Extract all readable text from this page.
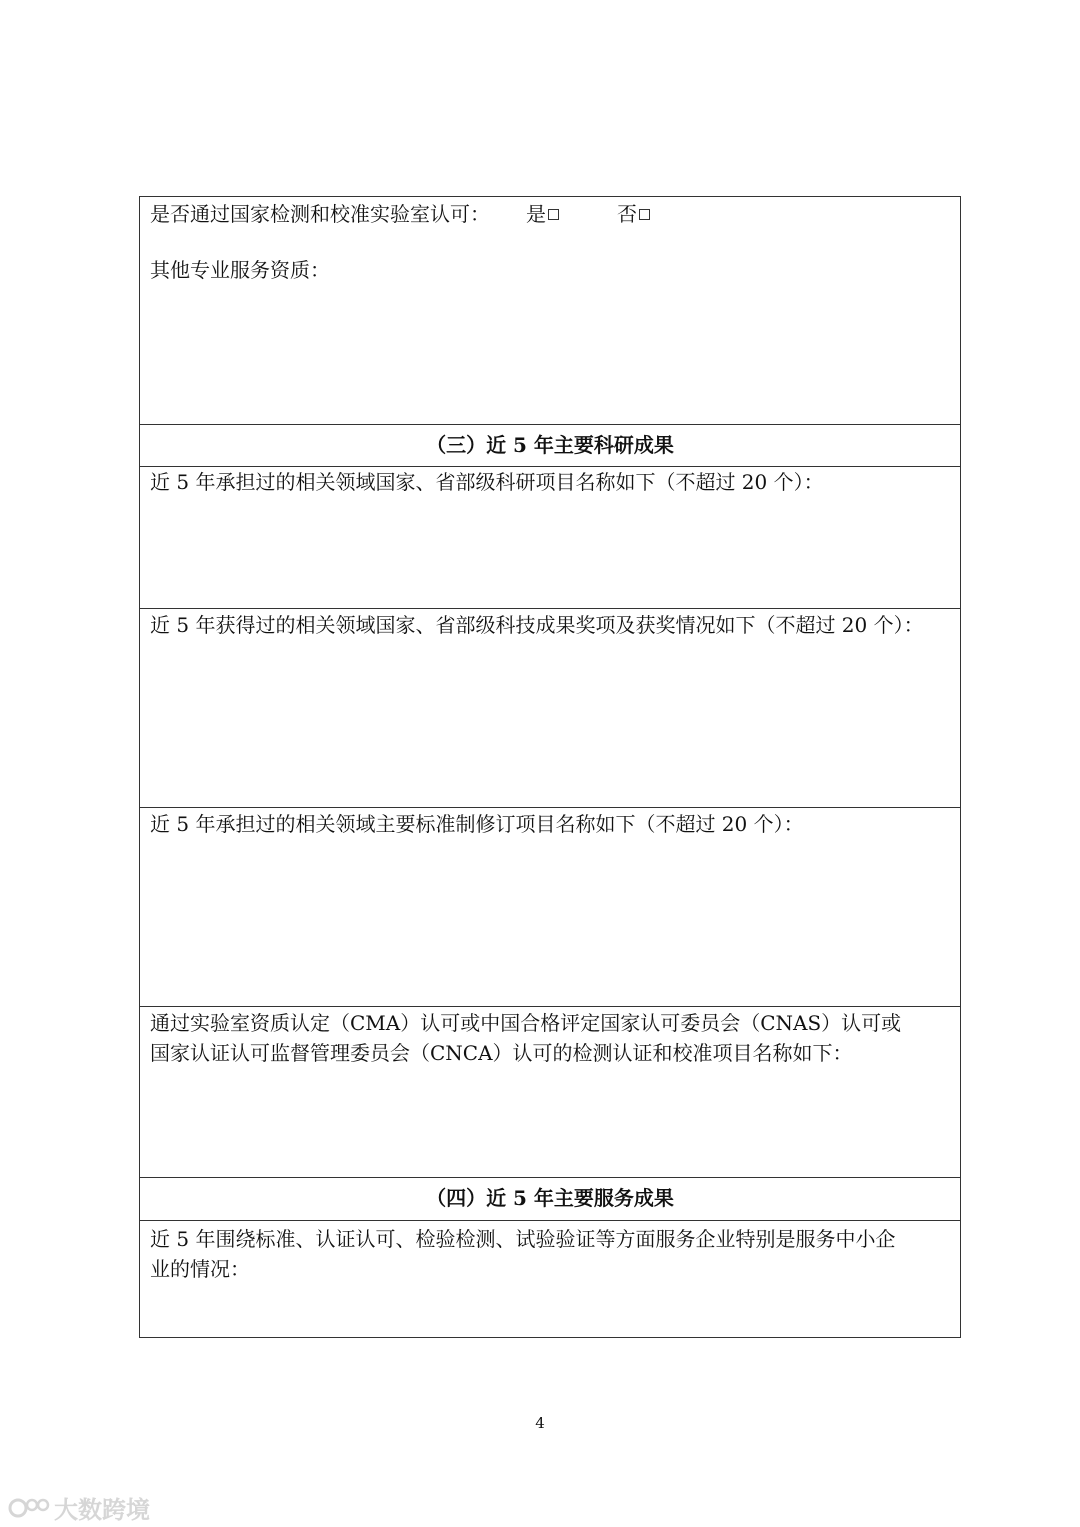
是否通过国家检测和校准实验室认可： 是	否
其他专业服务资质：
（三）近 5 年主要科研成果
近 5 年承担过的相关领域国家、省部级科研项目名称如下（不超过 20 个）：
近 5 年获得过的相关领域国家、省部级科技成果奖项及获奖情况如下（不超过 20 个）：
近 5 年承担过的相关领域主要标准制修订项目名称如下（不超过 20 个）：
通过实验室资质认定（CMA）认可或中国合格评定国家认可委员会（CNAS）认可或
国家认证认可监督管理委员会（CNCA）认可的检测认证和校准项目名称如下：
（四）近 5 年主要服务成果
近 5 年围绕标准、认证认可、检验检测、试验验证等方面服务企业特别是服务中小企
业的情况：
4
大数跨境
